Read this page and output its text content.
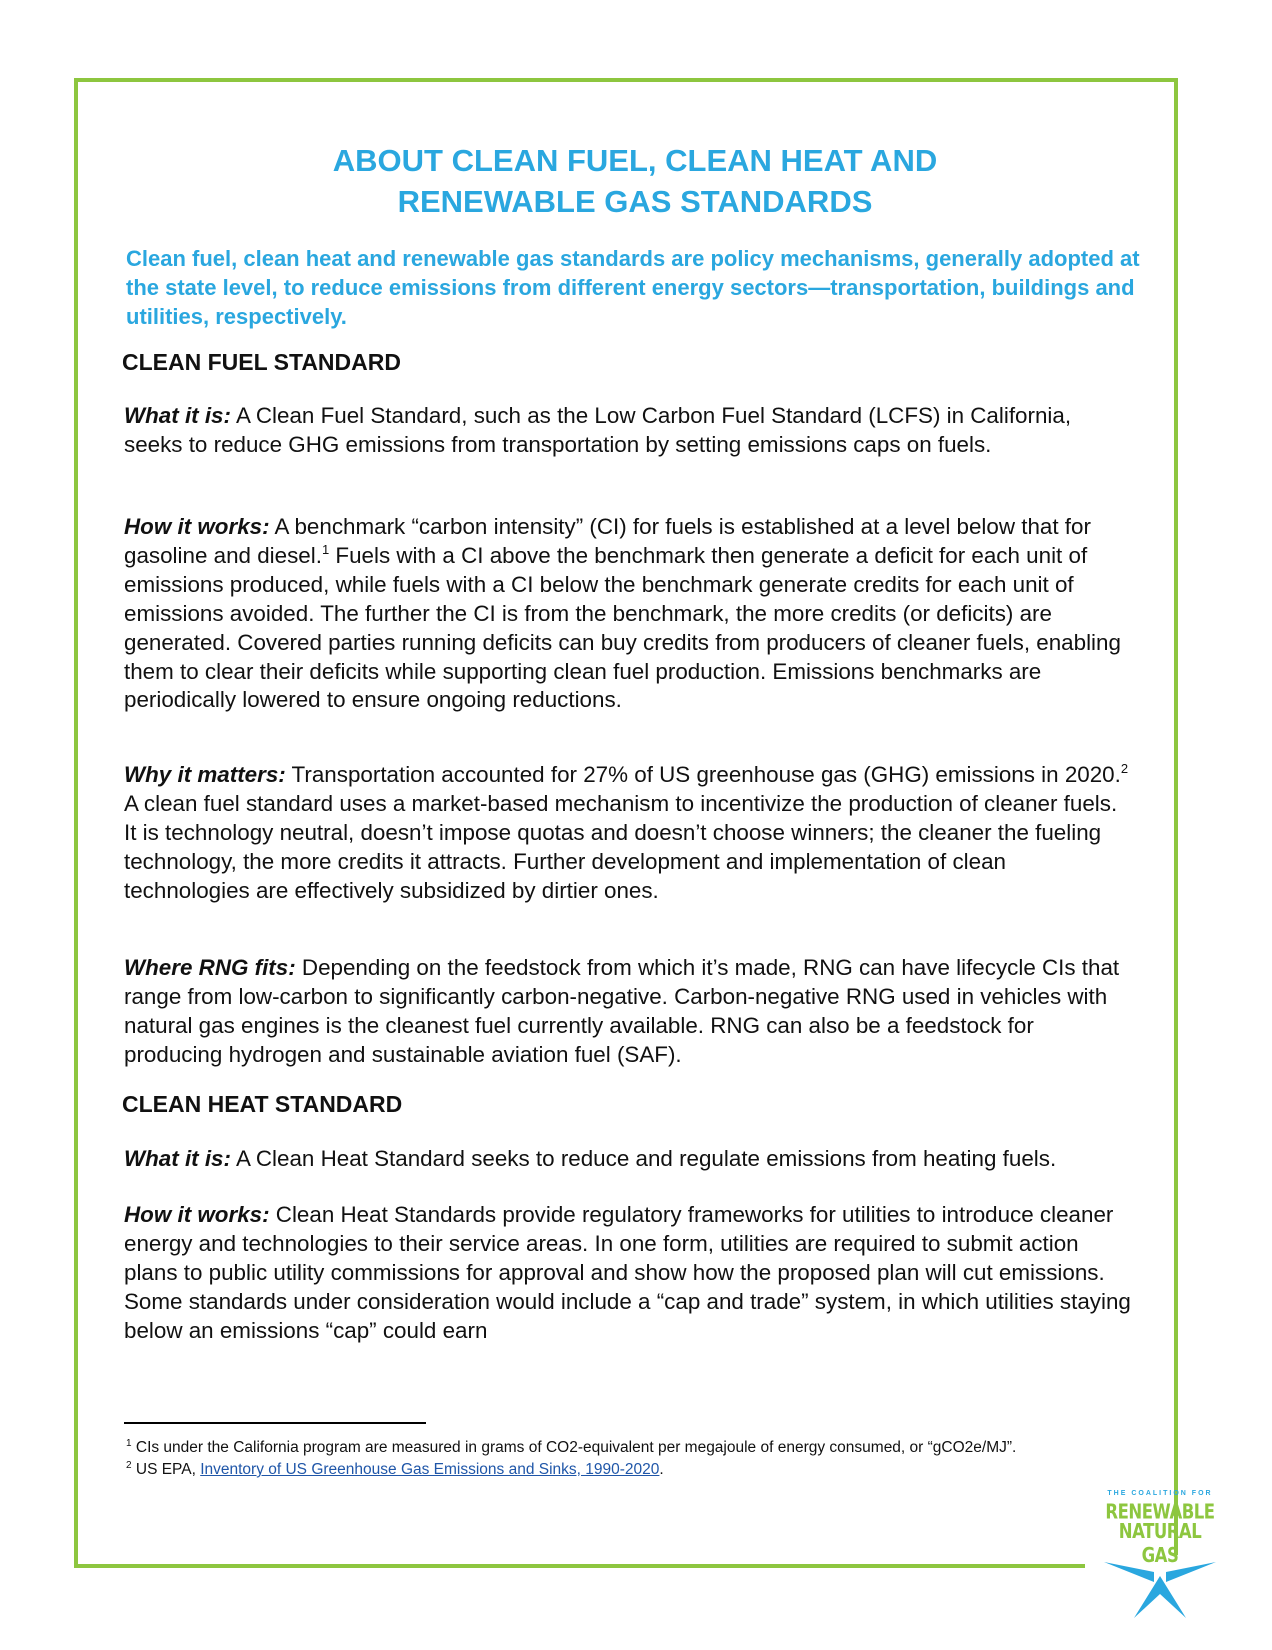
ABOUT CLEAN FUEL, CLEAN HEAT AND
RENEWABLE GAS STANDARDS
Clean fuel, clean heat and renewable gas standards are policy mechanisms, generally adopted at the state level, to reduce emissions from different energy sectors—transportation, buildings and utilities, respectively.
CLEAN FUEL STANDARD
What it is: A Clean Fuel Standard, such as the Low Carbon Fuel Standard (LCFS) in California, seeks to reduce GHG emissions from transportation by setting emissions caps on fuels.
How it works: A benchmark “carbon intensity” (CI) for fuels is established at a level below that for gasoline and diesel.$^1$ Fuels with a CI above the benchmark then generate a deficit for each unit of emissions produced, while fuels with a CI below the benchmark generate credits for each unit of emissions avoided. The further the CI is from the benchmark, the more credits (or deficits) are generated. Covered parties running deficits can buy credits from producers of cleaner fuels, enabling them to clear their deficits while supporting clean fuel production. Emissions benchmarks are periodically lowered to ensure ongoing reductions.
Why it matters: Transportation accounted for 27% of US greenhouse gas (GHG) emissions in 2020.$^2$ A clean fuel standard uses a market-based mechanism to incentivize the production of cleaner fuels. It is technology neutral, doesn’t impose quotas and doesn’t choose winners; the cleaner the fueling technology, the more credits it attracts. Further development and implementation of clean technologies are effectively subsidized by dirtier ones.
Where RNG fits: Depending on the feedstock from which it’s made, RNG can have lifecycle CIs that range from low-carbon to significantly carbon-negative. Carbon-negative RNG used in vehicles with natural gas engines is the cleanest fuel currently available. RNG can also be a feedstock for producing hydrogen and sustainable aviation fuel (SAF).
CLEAN HEAT STANDARD
What it is: A Clean Heat Standard seeks to reduce and regulate emissions from heating fuels.
How it works: Clean Heat Standards provide regulatory frameworks for utilities to introduce cleaner energy and technologies to their service areas. In one form, utilities are required to submit action plans to public utility commissions for approval and show how the proposed plan will cut emissions. Some standards under consideration would include a “cap and trade” system, in which utilities staying below an emissions “cap” could earn
$^1$ CIs under the California program are measured in grams of CO2-equivalent per megajoule of energy consumed, or “gCO2e/MJ”.
$^2$ US EPA, Inventory of US Greenhouse Gas Emissions and Sinks, 1990-2020.
THE COALITION FOR
RENEWABLE
NATURAL GAS
